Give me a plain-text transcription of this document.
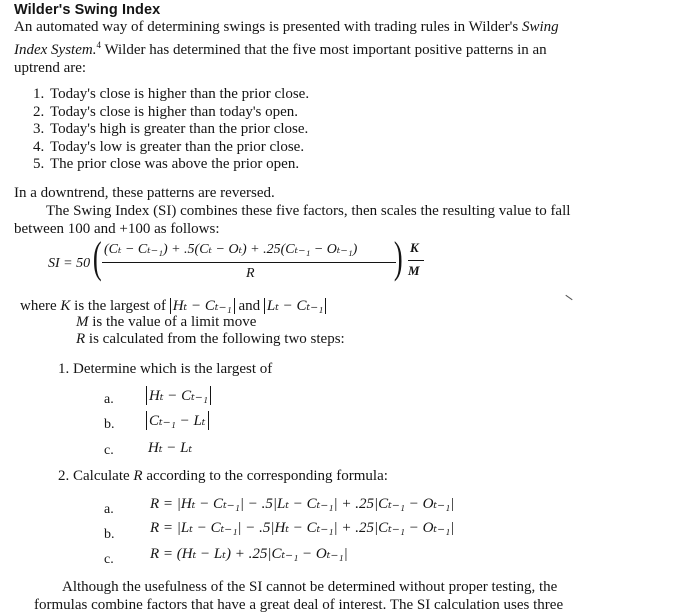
Wilder's Swing Index
An automated way of determining swings is presented with trading rules in Wilder's Swing
Index System.$^4$ Wilder has determined that the five most important positive patterns in an
uptrend are:
1. Today's close is higher than the prior close.
2. Today's close is higher than today's open.
3. Today's high is greater than the prior close.
4. Today's low is greater than the prior close.
5. The prior close was above the prior open.
In a downtrend, these patterns are reversed.
The Swing Index (SI) combines these five factors, then scales the resulting value to fall
between 100 and +100 as follows:
SI = 50 ( (Cₜ − Cₜ₋₁) + .5(Cₜ − Oₜ) + .25(Cₜ₋₁ − Oₜ₋₁)
R	) K
M
where K is the largest of Hₜ − Cₜ₋₁ and Lₜ − Cₜ₋₁
M is the value of a limit move
R is calculated from the following two steps:
1. Determine which is the largest of
a. Hₜ − Cₜ₋₁
b. Cₜ₋₁ − Lₜ
c. Hₜ − Lₜ
2. Calculate R according to the corresponding formula:
a. R = |Hₜ − Cₜ₋₁| − .5|Lₜ − Cₜ₋₁| + .25|Cₜ₋₁ − Oₜ₋₁|
b. R = |Lₜ − Cₜ₋₁| − .5|Hₜ − Cₜ₋₁| + .25|Cₜ₋₁ − Oₜ₋₁|
c. R = (Hₜ − Lₜ) + .25|Cₜ₋₁ − Oₜ₋₁|
Although the usefulness of the SI cannot be determined without proper testing, the
formulas combine factors that have a great deal of interest. The SI calculation uses three
